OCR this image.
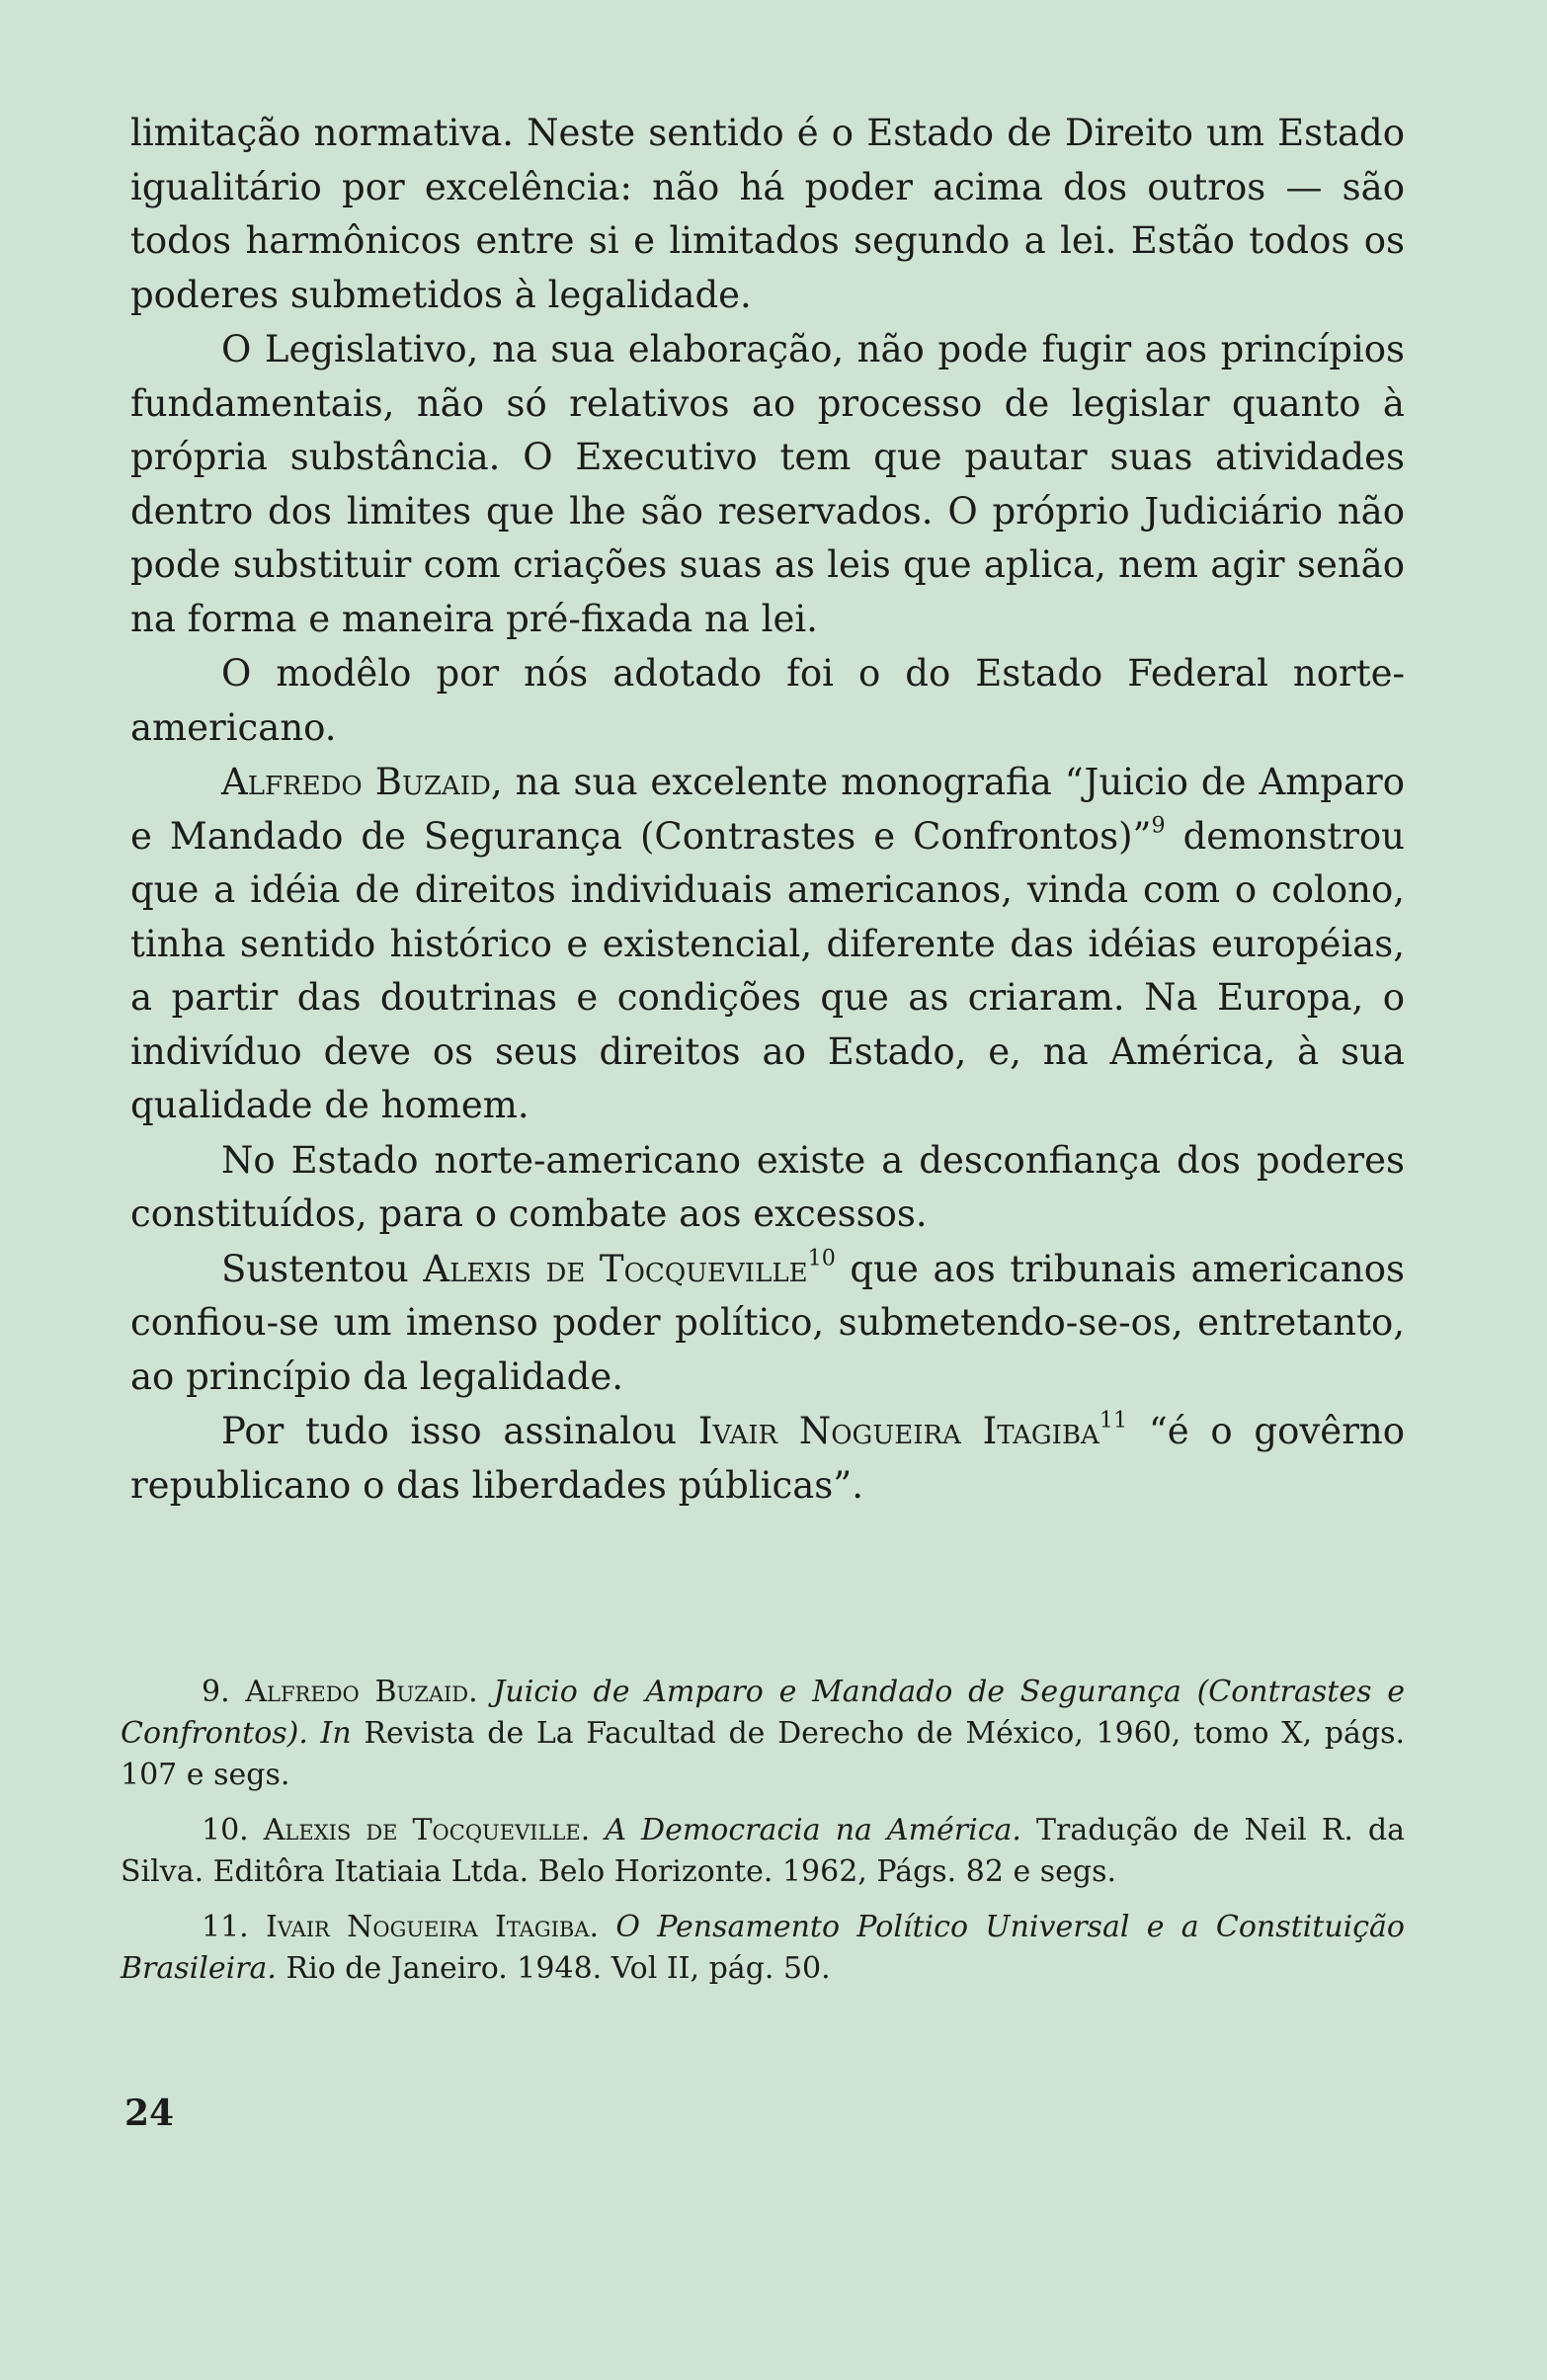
limitação normativa. Neste sentido é o Estado de Direito um Estado igualitário por excelência: não há poder acima dos outros — são todos harmônicos entre si e limitados segundo a lei. Estão todos os poderes submetidos à legalidade.

O Legislativo, na sua elaboração, não pode fugir aos princípios fundamentais, não só relativos ao processo de legislar quanto à própria substância. O Executivo tem que pautar suas atividades dentro dos limites que lhe são reservados. O próprio Judiciário não pode substituir com criações suas as leis que aplica, nem agir senão na forma e maneira pré-fixada na lei.

O modêlo por nós adotado foi o do Estado Federal norte-americano.

Alfredo Buzaid, na sua excelente monografia “Juicio de Amparo e Mandado de Segurança (Contrastes e Confrontos)”$^9$ demonstrou que a idéia de direitos individuais americanos, vinda com o colono, tinha sentido histórico e existencial, diferente das idéias européias, a partir das doutrinas e condições que as criaram. Na Europa, o indivíduo deve os seus direitos ao Estado, e, na América, à sua qualidade de homem.

No Estado norte-americano existe a desconfiança dos poderes constituídos, para o combate aos excessos.

Sustentou Alexis de Tocqueville$^{10}$ que aos tribunais americanos confiou-se um imenso poder político, submetendo-se-os, entretanto, ao princípio da legalidade.

Por tudo isso assinalou Ivair Nogueira Itagiba$^{11}$ “é o govêrno republicano o das liberdades públicas”.

9. Alfredo Buzaid. Juicio de Amparo e Mandado de Segurança (Contrastes e Confrontos). In Revista de La Facultad de Derecho de México, 1960, tomo X, págs. 107 e segs.

10. Alexis de Tocqueville. A Democracia na América. Tradução de Neil R. da Silva. Editôra Itatiaia Ltda. Belo Horizonte. 1962, Págs. 82 e segs.

11. Ivair Nogueira Itagiba. O Pensamento Político Universal e a Constituição Brasileira. Rio de Janeiro. 1948. Vol II, pág. 50.

24
